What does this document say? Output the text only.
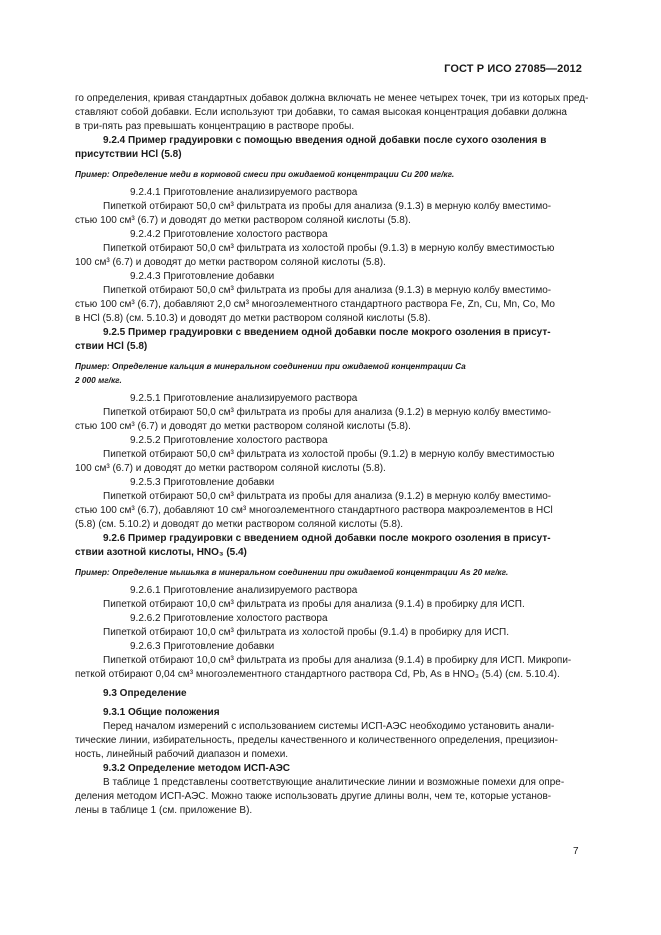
ГОСТ Р ИСО 27085—2012
го определения, кривая стандартных добавок должна включать не менее четырех точек, три из которых пред-
ставляют собой добавки. Если используют три добавки, то самая высокая концентрация добавки должна
в три-пять раз превышать концентрацию в растворе пробы.
9.2.4 Пример градуировки с помощью введения одной добавки после сухого озоления в
присутствии HCl (5.8)
Пример: Определение меди в кормовой смеси при ожидаемой концентрации Cu 200 мг/кг.
9.2.4.1 Приготовление анализируемого раствора
Пипеткой отбирают 50,0 см³ фильтрата из пробы для анализа (9.1.3) в мерную колбу вместимо-
стью 100 см³ (6.7) и доводят до метки раствором соляной кислоты (5.8).
9.2.4.2 Приготовление холостого раствора
Пипеткой отбирают 50,0 см³ фильтрата из холостой пробы (9.1.3) в мерную колбу вместимостью
100 см³ (6.7) и доводят до метки раствором соляной кислоты (5.8).
9.2.4.3 Приготовление добавки
Пипеткой отбирают 50,0 см³ фильтрата из пробы для анализа (9.1.3) в мерную колбу вместимо-
стью 100 см³ (6.7), добавляют 2,0 см³ многоэлементного стандартного раствора Fe, Zn, Cu, Mn, Co, Mo
в HCl (5.8) (см. 5.10.3) и доводят до метки раствором соляной кислоты (5.8).
9.2.5 Пример градуировки с введением одной добавки после мокрого озоления в присут-
ствии HCl (5.8)
Пример: Определение кальция в минеральном соединении при ожидаемой концентрации Ca
2 000 мг/кг.
9.2.5.1 Приготовление анализируемого раствора
Пипеткой отбирают 50,0 см³ фильтрата из пробы для анализа (9.1.2) в мерную колбу вместимо-
стью 100 см³ (6.7) и доводят до метки раствором соляной кислоты (5.8).
9.2.5.2 Приготовление холостого раствора
Пипеткой отбирают 50,0 см³ фильтрата из холостой пробы (9.1.2) в мерную колбу вместимостью
100 см³ (6.7) и доводят до метки раствором соляной кислоты (5.8).
9.2.5.3 Приготовление добавки
Пипеткой отбирают 50,0 см³ фильтрата из пробы для анализа (9.1.2) в мерную колбу вместимо-
стью 100 см³ (6.7), добавляют 10 см³ многоэлементного стандартного раствора макроэлементов в HCl
(5.8) (см. 5.10.2) и доводят до метки раствором соляной кислоты (5.8).
9.2.6 Пример градуировки с введением одной добавки после мокрого озоления в присут-
ствии азотной кислоты, HNO₃ (5.4)
Пример: Определение мышьяка в минеральном соединении при ожидаемой концентрации As 20 мг/кг.
9.2.6.1 Приготовление анализируемого раствора
Пипеткой отбирают 10,0 см³ фильтрата из пробы для анализа (9.1.4) в пробирку для ИСП.
9.2.6.2 Приготовление холостого раствора
Пипеткой отбирают 10,0 см³ фильтрата из холостой пробы (9.1.4) в пробирку для ИСП.
9.2.6.3 Приготовление добавки
Пипеткой отбирают 10,0 см³ фильтрата из пробы для анализа (9.1.4) в пробирку для ИСП. Микропи-
петкой отбирают 0,04 см³ многоэлементного стандартного раствора Cd, Pb, As в HNO₃ (5.4) (см. 5.10.4).
9.3 Определение
9.3.1 Общие положения
Перед началом измерений с использованием системы ИСП-АЭС необходимо установить анали-
тические линии, избирательность, пределы качественного и количественного определения, прецизион-
ность, линейный рабочий диапазон и помехи.
9.3.2 Определение методом ИСП-АЭС
В таблице 1 представлены соответствующие аналитические линии и возможные помехи для опре-
деления методом ИСП-АЭС. Можно также использовать другие длины волн, чем те, которые установ-
лены в таблице 1 (см. приложение В).
7
